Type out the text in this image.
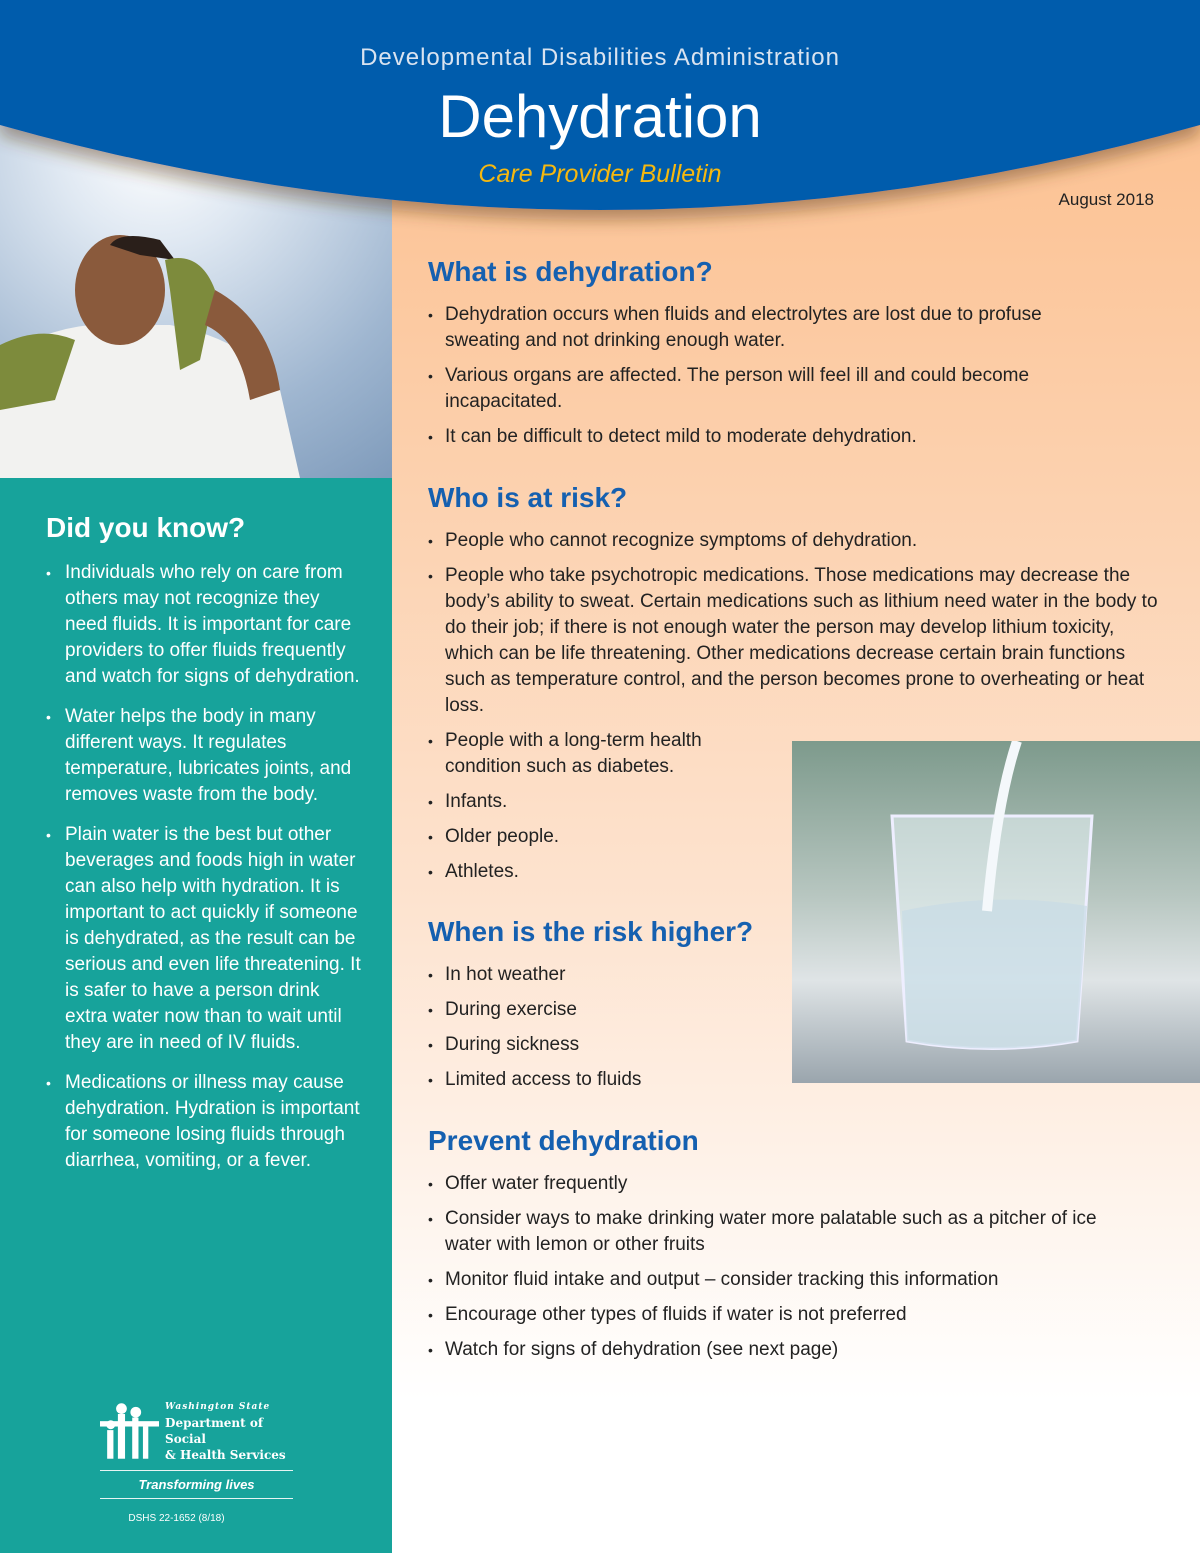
Developmental Disabilities Administration
Dehydration
Care Provider Bulletin
August 2018
Did you know?
• Individuals who rely on care from others may not recognize they need fluids. It is important for care providers to offer fluids frequently and watch for signs of dehydration.
• Water helps the body in many different ways. It regulates temperature, lubricates joints, and removes waste from the body.
• Plain water is the best but other beverages and foods high in water can also help with hydration. It is important to act quickly if someone is dehydrated, as the result can be serious and even life threatening. It is safer to have a person drink extra water now than to wait until they are in need of IV fluids.
• Medications or illness may cause dehydration. Hydration is important for someone losing fluids through diarrhea, vomiting, or a fever.
What is dehydration?
• Dehydration occurs when fluids and electrolytes are lost due to profuse sweating and not drinking enough water.
• Various organs are affected. The person will feel ill and could become incapacitated.
• It can be difficult to detect mild to moderate dehydration.
Who is at risk?
• People who cannot recognize symptoms of dehydration.
• People who take psychotropic medications. Those medications may decrease the body’s ability to sweat. Certain medications such as lithium need water in the body to do their job; if there is not enough water the person may develop lithium toxicity, which can be life threatening. Other medications decrease certain brain functions such as temperature control, and the person becomes prone to overheating or heat loss.
• People with a long-term health condition such as diabetes.
• Infants.
• Older people.
• Athletes.
When is the risk higher?
• In hot weather
• During exercise
• During sickness
• Limited access to fluids
Prevent dehydration
• Offer water frequently
• Consider ways to make drinking water more palatable such as a pitcher of ice water with lemon or other fruits
• Monitor fluid intake and output – consider tracking this information
• Encourage other types of fluids if water is not preferred
• Watch for signs of dehydration (see next page)
Washington State
Department of Social
& Health Services
Transforming lives
DSHS 22-1652 (8/18)
